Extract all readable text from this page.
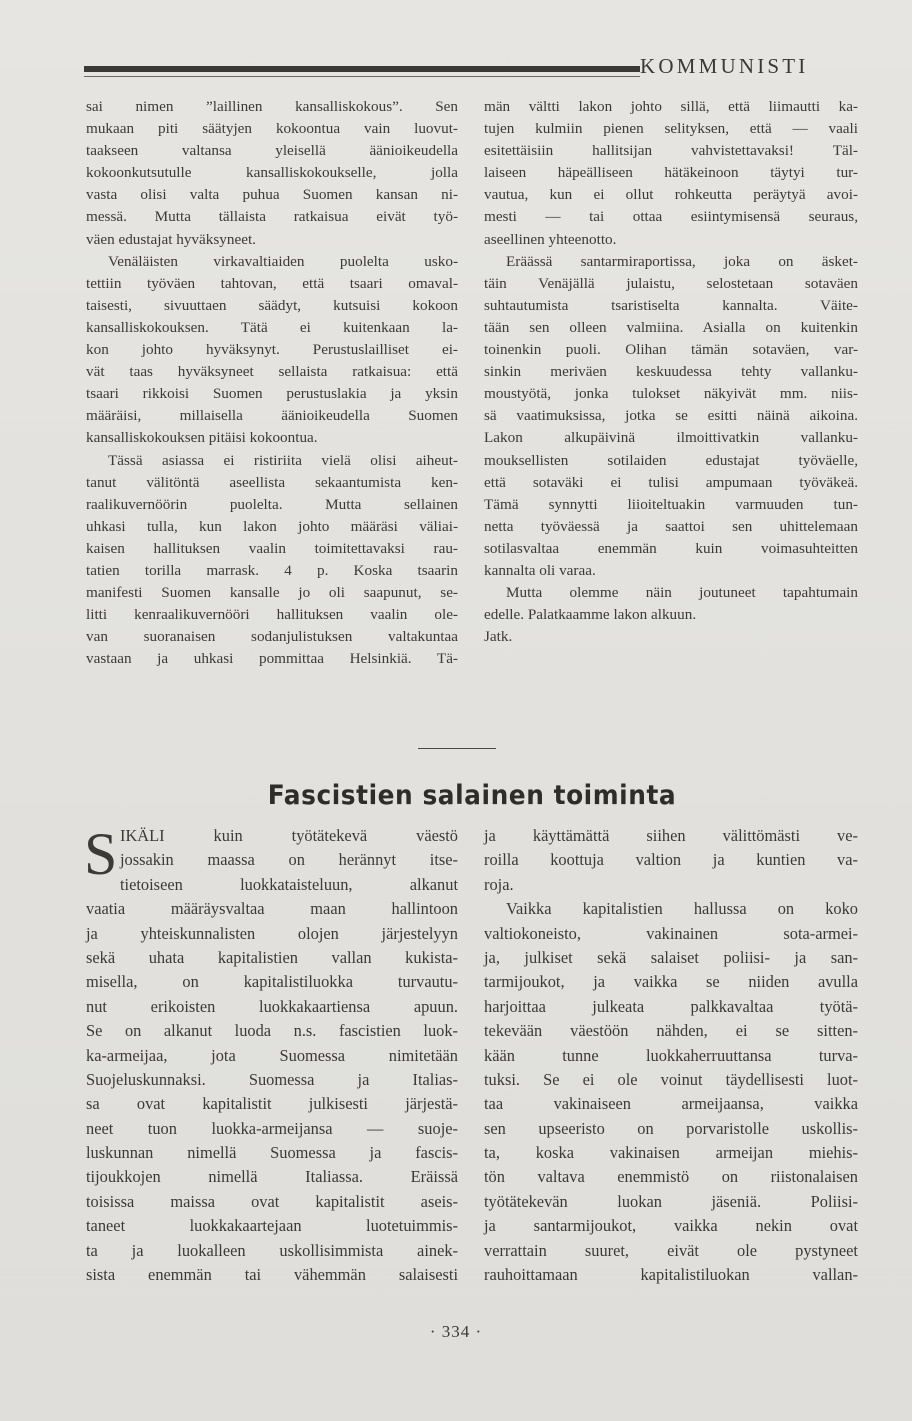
KOMMUNISTI
sai nimen ”laillinen kansalliskokous”. Sen
mukaan piti säätyjen kokoontua vain luovut-
taakseen valtansa yleisellä äänioikeudella
kokoonkutsutulle kansalliskokoukselle, jolla
vasta olisi valta puhua Suomen kansan ni-
messä. Mutta tällaista ratkaisua eivät työ-
väen edustajat hyväksyneet.
Venäläisten virkavaltiaiden puolelta usko-
tettiin työväen tahtovan, että tsaari omaval-
taisesti, sivuuttaen säädyt, kutsuisi kokoon
kansalliskokouksen. Tätä ei kuitenkaan la-
kon johto hyväksynyt. Perustuslailliset ei-
vät taas hyväksyneet sellaista ratkaisua: että
tsaari rikkoisi Suomen perustuslakia ja yksin
määräisi, millaisella äänioikeudella Suomen
kansalliskokouksen pitäisi kokoontua.
Tässä asiassa ei ristiriita vielä olisi aiheut-
tanut välitöntä aseellista sekaantumista ken-
raalikuvernöörin puolelta. Mutta sellainen
uhkasi tulla, kun lakon johto määräsi väliai-
kaisen hallituksen vaalin toimitettavaksi rau-
tatien torilla marrask. 4 p. Koska tsaarin
manifesti Suomen kansalle jo oli saapunut, se-
litti kenraalikuvernööri hallituksen vaalin ole-
van suoranaisen sodanjulistuksen valtakuntaa
vastaan ja uhkasi pommittaa Helsinkiä. Tä-
män vältti lakon johto sillä, että liimautti ka-
tujen kulmiin pienen selityksen, että — vaali
esitettäisiin hallitsijan vahvistettavaksi! Täl-
laiseen häpeälliseen hätäkeinoon täytyi tur-
vautua, kun ei ollut rohkeutta peräytyä avoi-
mesti — tai ottaa esiintymisensä seuraus,
aseellinen yhteenotto.
Eräässä santarmiraportissa, joka on äsket-
täin Venäjällä julaistu, selostetaan sotaväen
suhtautumista tsaristiselta kannalta. Väite-
tään sen olleen valmiina. Asialla on kuitenkin
toinenkin puoli. Olihan tämän sotaväen, var-
sinkin meriväen keskuudessa tehty vallanku-
moustyötä, jonka tulokset näkyivät mm. niis-
sä vaatimuksissa, jotka se esitti näinä aikoina.
Lakon alkupäivinä ilmoittivatkin vallanku-
mouksellisten sotilaiden edustajat työväelle,
että sotaväki ei tulisi ampumaan työväkeä.
Tämä synnytti liioiteltuakin varmuuden tun-
netta työväessä ja saattoi sen uhittelemaan
sotilasvaltaa enemmän kuin voimasuhteitten
kannalta oli varaa.
Mutta olemme näin joutuneet tapahtumain
edelle. Palatkaamme lakon alkuun.
Jatk.
Fascistien salainen toiminta
S IKÄLI kuin työtätekevä väestö
jossakin maassa on herännyt itse-
tietoiseen luokkataisteluun, alkanut
vaatia määräysvaltaa maan hallintoon
ja yhteiskunnalisten olojen järjestelyyn
sekä uhata kapitalistien vallan kukista-
misella, on kapitalistiluokka turvautu-
nut erikoisten luokkakaartiensa apuun.
Se on alkanut luoda n.s. fascistien luok-
ka-armeijaa, jota Suomessa nimitetään
Suojeluskunnaksi. Suomessa ja Italias-
sa ovat kapitalistit julkisesti järjestä-
neet tuon luokka-armeijansa — suoje-
luskunnan nimellä Suomessa ja fascis-
tijoukkojen nimellä Italiassa. Eräissä
toisissa maissa ovat kapitalistit aseis-
taneet luokkakaartejaan luotetuimmis-
ta ja luokalleen uskollisimmista ainek-
sista enemmän tai vähemmän salaisesti
ja käyttämättä siihen välittömästi ve-
roilla koottuja valtion ja kuntien va-
roja.
Vaikka kapitalistien hallussa on koko
valtiokoneisto, vakinainen sota-armei-
ja, julkiset sekä salaiset poliisi- ja san-
tarmijoukot, ja vaikka se niiden avulla
harjoittaa julkeata palkkavaltaa työtä-
tekevään väestöön nähden, ei se sitten-
kään tunne luokkaherruuttansa turva-
tuksi. Se ei ole voinut täydellisesti luot-
taa vakinaiseen armeijaansa, vaikka
sen upseeristo on porvaristolle uskollis-
ta, koska vakinaisen armeijan miehis-
tön valtava enemmistö on riistonalaisen
työtätekevän luokan jäseniä. Poliisi-
ja santarmijoukot, vaikka nekin ovat
verrattain suuret, eivät ole pystyneet
rauhoittamaan kapitalistiluokan vallan-
· 334 ·
